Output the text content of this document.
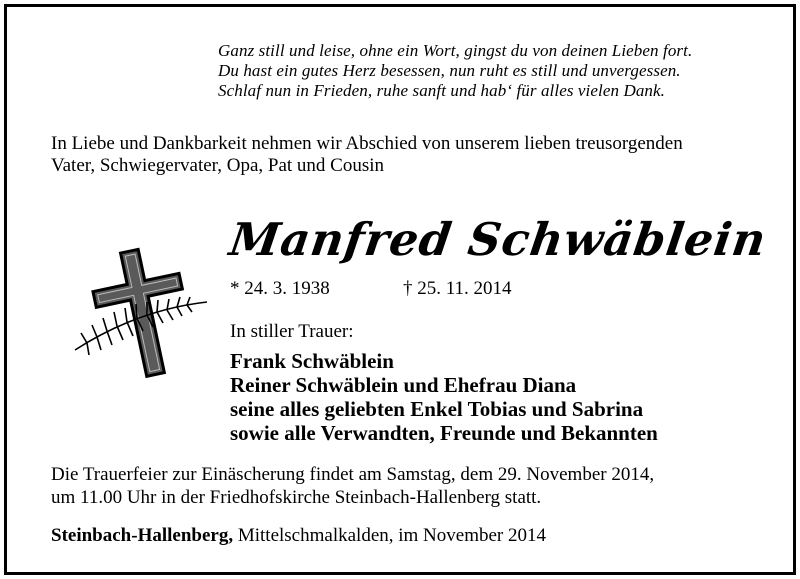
Ganz still und leise, ohne ein Wort, gingst du von deinen Lieben fort.
Du hast ein gutes Herz besessen, nun ruht es still und unvergessen.
Schlaf nun in Frieden, ruhe sanft und hab‘ für alles vielen Dank.
In Liebe und Dankbarkeit nehmen wir Abschied von unserem lieben treusorgenden
Vater, Schwiegervater, Opa, Pat und Cousin
Manfred Schwäblein
* 24. 3. 1938	† 25. 11. 2014
In stiller Trauer:
Frank Schwäblein
Reiner Schwäblein und Ehefrau Diana
seine alles geliebten Enkel Tobias und Sabrina
sowie alle Verwandten, Freunde und Bekannten
Die Trauerfeier zur Einäscherung findet am Samstag, dem 29. November 2014,
um 11.00 Uhr in der Friedhofskirche Steinbach-Hallenberg statt.
Steinbach-Hallenberg, Mittelschmalkalden, im November 2014
